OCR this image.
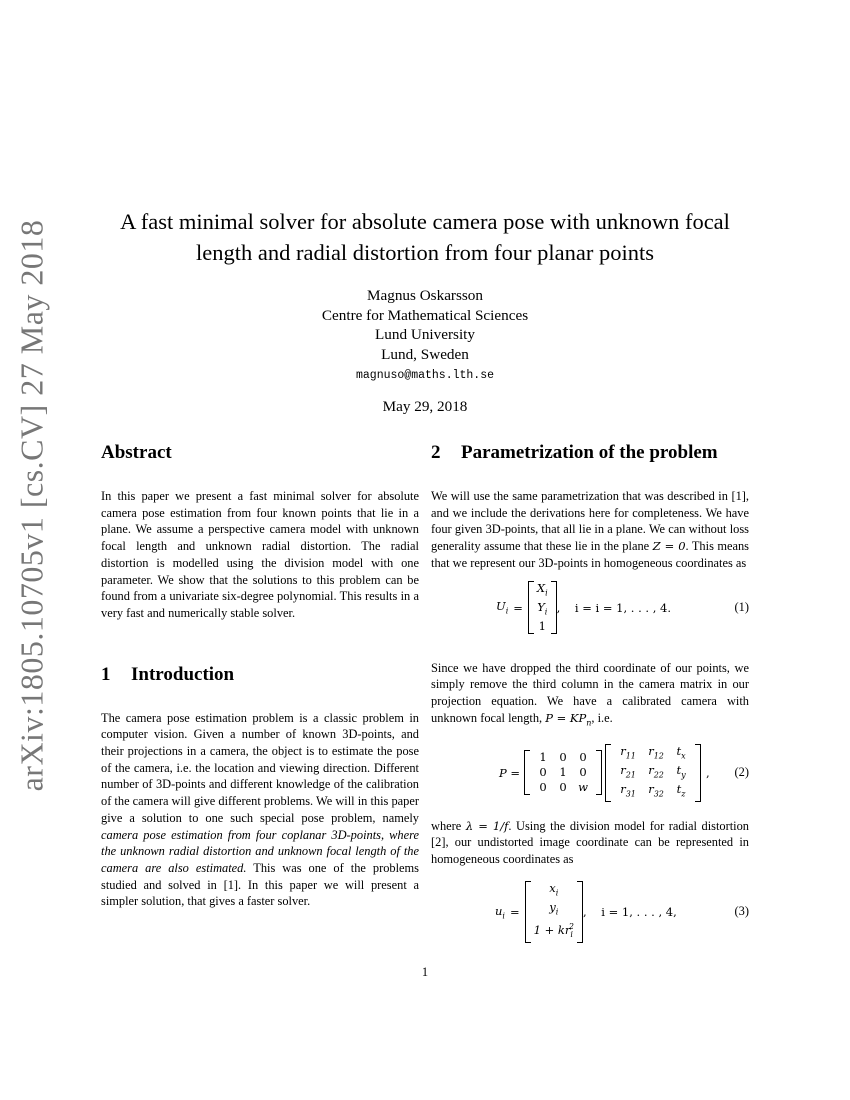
arXiv:1805.10705v1 [cs.CV] 27 May 2018	A fast minimal solver for absolute camera pose with unknown focal
length and radial distortion from four planar points
Magnus Oskarsson
Centre for Mathematical Sciences
Lund University
Lund, Sweden
magnuso@maths.lth.se
May 29, 2018
Abstract

In this paper we present a fast minimal solver for absolute camera pose estimation from four known points that lie in a plane. We assume a perspective camera model with unknown focal length and unknown radial distortion. The radial distortion is modelled using the division model with one parameter. We show that the solutions to this problem can be found from a univariate six-degree polynomial. This results in a very fast and numerically stable solver.

1 Introduction

The camera pose estimation problem is a classic problem in computer vision. Given a number of known 3D-points, and their projections in a camera, the object is to estimate the pose of the camera, i.e. the location and viewing direction. Different number of 3D-points and different knowledge of the calibration of the camera will give different problems. We will in this paper give a solution to one such special pose problem, namely camera pose estimation from four coplanar 3D-points, where the unknown radial distortion and unknown focal length of the camera are also estimated. This was one of the problems studied and solved in [1]. In this paper we will present a simpler solution, that gives a faster solver.

2 Parametrization of the problem

We will use the same parametrization that was described in [1], and we include the derivations here for completeness. We have four given 3D-points, that all lie in a plane. We can without loss generality assume that these lie in the plane Z = 0. This means that we represent our 3D-points in homogeneous coordinates as

$U_i$ =
$X_i$
$Y_i$
1
,    i = i = 1, . . . , 4.	(1)

Since we have dropped the third coordinate of our points, we simply remove the third column in the camera matrix in our projection equation. We have a calibrated camera with unknown focal length, $P = KP_n$, i.e.

P =
1	0	0
0	1	0
0	0 w
$r_{11}$	$r_{12}$	$t_x$
$r_{21}$	$r_{22}$	$t_y$
$r_{31}$	$r_{32}$	$t_z$
, (2)

where λ = 1/f. Using the division model for radial distortion [2], our undistorted image coordinate can be represented in homogeneous coordinates as

$u_i$ =
$x_i$
$y_i$
$1 + kr_i^2$
,    i = 1, . . . , 4,	(3)
1
